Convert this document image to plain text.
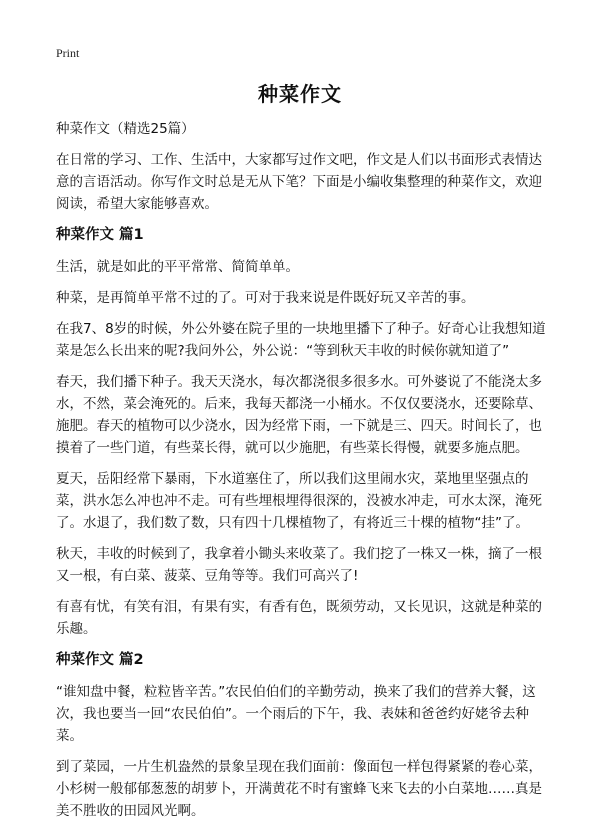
Print
种菜作文

种菜作文（精选25篇）

在日常的学习、工作、生活中，大家都写过作文吧，作文是人们以书面形式表情达意的言语活动。你写作文时总是无从下笔？下面是小编收集整理的种菜作文，欢迎阅读，希望大家能够喜欢。

种菜作文 篇1

生活，就是如此的平平常常、简简单单。

种菜，是再简单平常不过的了。可对于我来说是件既好玩又辛苦的事。

在我7、8岁的时候，外公外婆在院子里的一块地里播下了种子。好奇心让我想知道菜是怎么长出来的呢?我问外公，外公说：“等到秋天丰收的时候你就知道了”

春天，我们播下种子。我天天浇水，每次都浇很多很多水。可外婆说了不能浇太多水，不然，菜会淹死的。后来，我每天都浇一小桶水。不仅仅要浇水，还要除草、施肥。春天的植物可以少浇水，因为经常下雨，一下就是三、四天。时间长了，也摸着了一些门道，有些菜长得，就可以少施肥，有些菜长得慢，就要多施点肥。

夏天，岳阳经常下暴雨，下水道塞住了，所以我们这里闹水灾，菜地里坚强点的菜，洪水怎么冲也冲不走。可有些埋根埋得很深的，没被水冲走，可水太深，淹死了。水退了，我们数了数，只有四十几棵植物了，有将近三十棵的植物“挂”了。

秋天，丰收的时候到了，我拿着小锄头来收菜了。我们挖了一株又一株，摘了一根又一根，有白菜、菠菜、豆角等等。我们可高兴了!

有喜有忧，有笑有泪，有果有实，有香有色，既须劳动，又长见识，这就是种菜的乐趣。

种菜作文 篇2

“谁知盘中餐，粒粒皆辛苦。”农民伯伯们的辛勤劳动，换来了我们的营养大餐，这次，我也要当一回“农民伯伯”。一个雨后的下午，我、表妹和爸爸约好姥爷去种菜。

到了菜园，一片生机盎然的景象呈现在我们面前：像面包一样包得紧紧的卷心菜，小杉树一般郁郁葱葱的胡萝卜，开满黄花不时有蜜蜂飞来飞去的小白菜地……真是美不胜收的田园风光啊。
